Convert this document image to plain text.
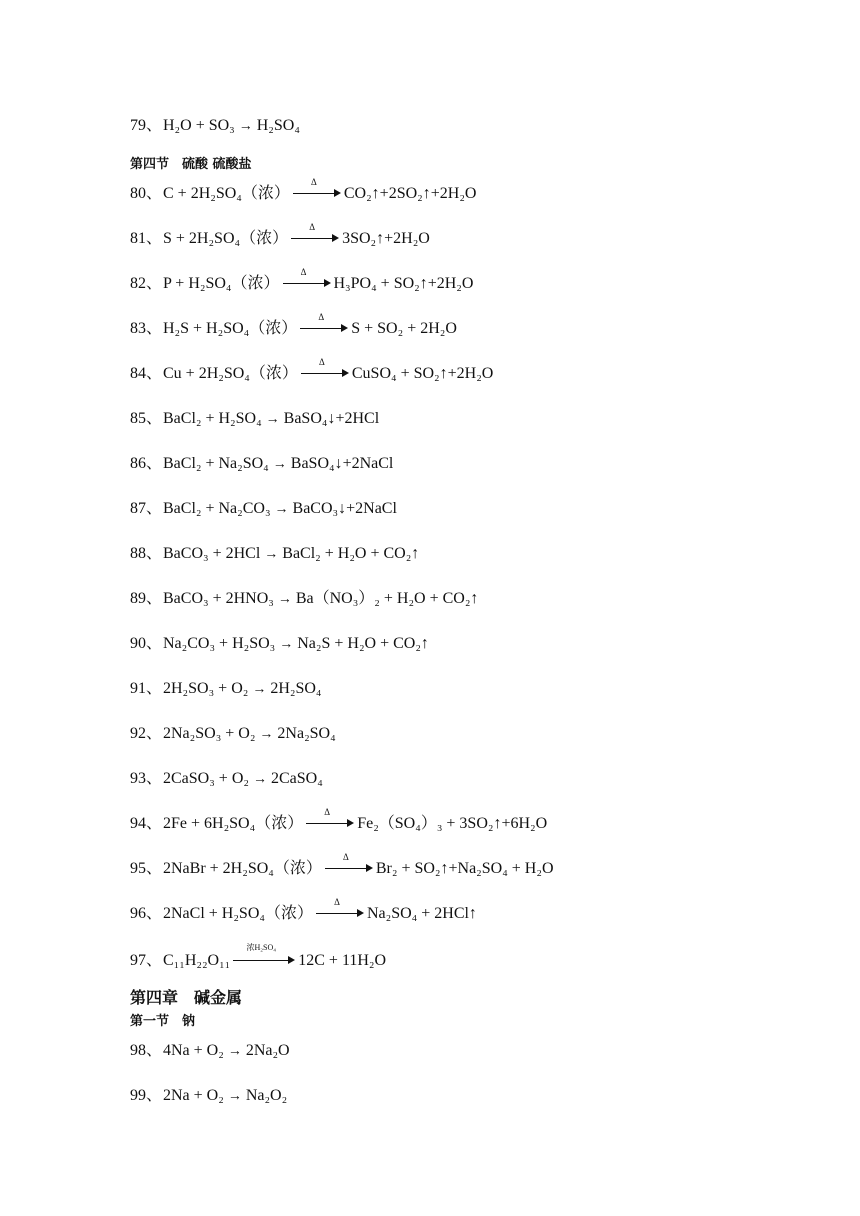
79、H₂O + SO₃ → H₂SO₄
第四节　硫酸 硫酸盐
80、C + 2H₂SO₄（浓）
Δ
CO₂↑+2SO₂↑+2H₂O
81、S + 2H₂SO₄（浓）
Δ
3SO₂↑+2H₂O
82、P + H₂SO₄（浓）
Δ
H₃PO₄ + SO₂↑+2H₂O
83、H₂S + H₂SO₄（浓）
Δ
S + SO₂ + 2H₂O
84、Cu + 2H₂SO₄（浓）
Δ
CuSO₄ + SO₂↑+2H₂O
85、BaCl₂ + H₂SO₄ → BaSO₄↓+2HCl
86、BaCl₂ + Na₂SO₄ → BaSO₄↓+2NaCl
87、BaCl₂ + Na₂CO₃ → BaCO₃↓+2NaCl
88、BaCO₃ + 2HCl → BaCl₂ + H₂O + CO₂↑
89、BaCO₃ + 2HNO₃ → Ba（NO₃）₂ + H₂O + CO₂↑
90、Na₂CO₃ + H₂SO₃ → Na₂S + H₂O + CO₂↑
91、2H₂SO₃ + O₂ → 2H₂SO₄
92、2Na₂SO₃ + O₂ → 2Na₂SO₄
93、2CaSO₃ + O₂ → 2CaSO₄
94、2Fe + 6H₂SO₄（浓）
Δ
Fe₂（SO₄）₃ + 3SO₂↑+6H₂O
95、2NaBr + 2H₂SO₄（浓）
Δ
Br₂ + SO₂↑+Na₂SO₄ + H₂O
96、2NaCl + H₂SO₄（浓）
Δ
Na₂SO₄ + 2HCl↑
97、C₁₁H₂₂O₁₁
浓H₂SO₄
12C + 11H₂O
第四章　碱金属
第一节　钠
98、4Na + O₂ → 2Na₂O
99、2Na + O₂ → Na₂O₂
